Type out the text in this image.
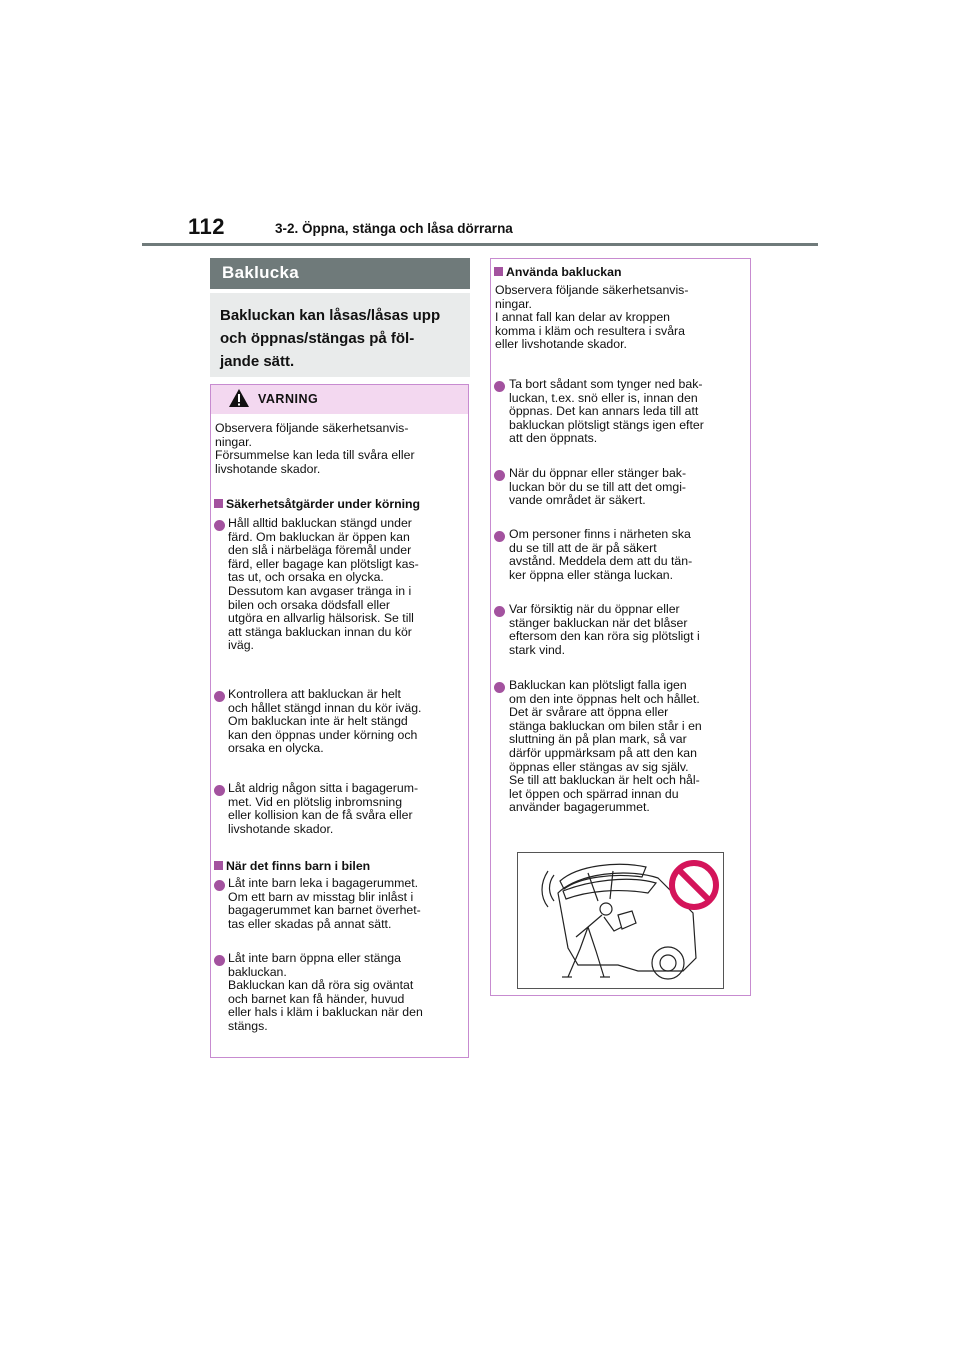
112	3-2. Öppna, stänga och låsa dörrarna
Baklucka
Bakluckan kan låsas/låsas upp
och öppnas/stängas på föl-
jande sätt.
VARNING
Observera följande säkerhetsanvis-
ningar.
Försummelse kan leda till svåra eller
livshotande skador.
Säkerhetsåtgärder under körning
Håll alltid bakluckan stängd under
färd. Om bakluckan är öppen kan
den slå i närbeläga föremål under
färd, eller bagage kan plötsligt kas-
tas ut, och orsaka en olycka.
Dessutom kan avgaser tränga in i
bilen och orsaka dödsfall eller
utgöra en allvarlig hälsorisk. Se till
att stänga bakluckan innan du kör
iväg.
Kontrollera att bakluckan är helt
och hållet stängd innan du kör iväg.
Om bakluckan inte är helt stängd
kan den öppnas under körning och
orsaka en olycka.
Låt aldrig någon sitta i bagagerum-
met. Vid en plötslig inbromsning
eller kollision kan de få svåra eller
livshotande skador.
När det finns barn i bilen
Låt inte barn leka i bagagerummet.
Om ett barn av misstag blir inlåst i
bagagerummet kan barnet överhet-
tas eller skadas på annat sätt.
Låt inte barn öppna eller stänga
bakluckan.
Bakluckan kan då röra sig oväntat
och barnet kan få händer, huvud
eller hals i kläm i bakluckan när den
stängs.
Använda bakluckan
Observera följande säkerhetsanvis-
ningar.
I annat fall kan delar av kroppen
komma i kläm och resultera i svåra
eller livshotande skador.
Ta bort sådant som tynger ned bak-
luckan, t.ex. snö eller is, innan den
öppnas. Det kan annars leda till att
bakluckan plötsligt stängs igen efter
att den öppnats.
När du öppnar eller stänger bak-
luckan bör du se till att det omgi-
vande området är säkert.
Om personer finns i närheten ska
du se till att de är på säkert
avstånd. Meddela dem att du tän-
ker öppna eller stänga luckan.
Var försiktig när du öppnar eller
stänger bakluckan när det blåser
eftersom den kan röra sig plötsligt i
stark vind.
Bakluckan kan plötsligt falla igen
om den inte öppnas helt och hållet.
Det är svårare att öppna eller
stänga bakluckan om bilen står i en
sluttning än på plan mark, så var
därför uppmärksam på att den kan
öppnas eller stängas av sig själv.
Se till att bakluckan är helt och hål-
let öppen och spärrad innan du
använder bagagerummet.
